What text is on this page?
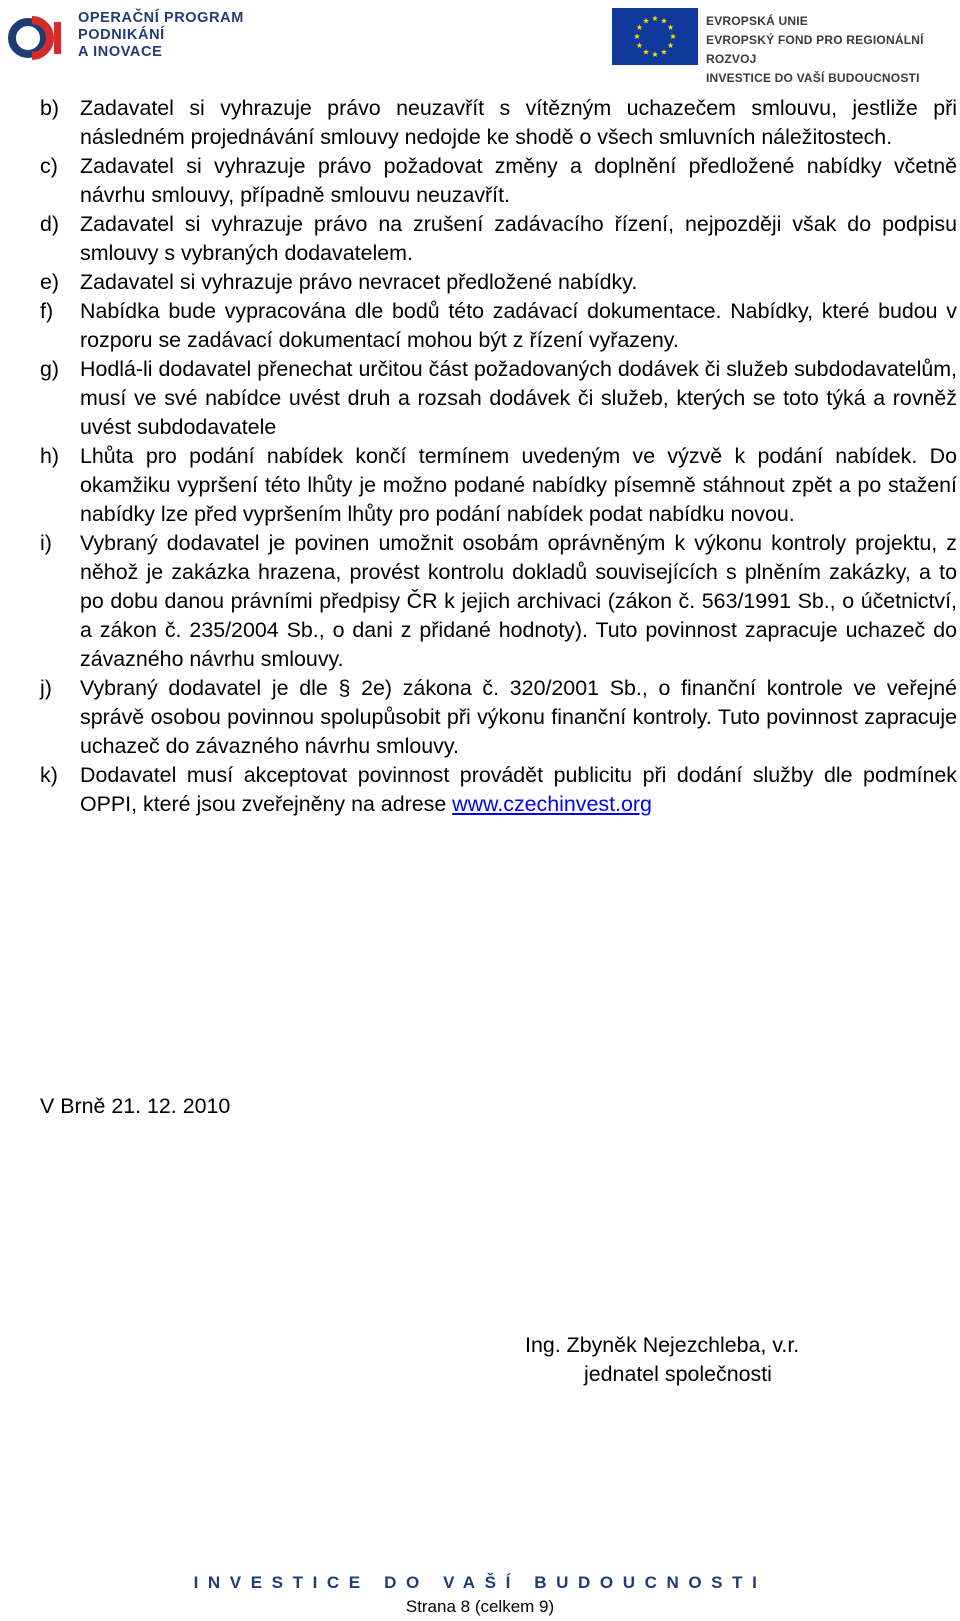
OPERAČNÍ PROGRAM
PODNIKÁNÍ
A INOVACE
EVROPSKÁ UNIE
EVROPSKÝ FOND PRO REGIONÁLNÍ ROZVOJ
INVESTICE DO VAŠÍ BUDOUCNOSTI
b) Zadavatel si vyhrazuje právo neuzavřít s vítězným uchazečem smlouvu, jestliže při následném projednávání smlouvy nedojde ke shodě o všech smluvních náležitostech.
c)	Zadavatel si vyhrazuje právo požadovat změny a doplnění předložené nabídky včetně návrhu smlouvy, případně smlouvu neuzavřít.
d) Zadavatel si vyhrazuje právo na zrušení zadávacího řízení, nejpozději však do podpisu smlouvy s vybraných dodavatelem.
e) Zadavatel si vyhrazuje právo nevracet předložené nabídky.
f)	Nabídka bude vypracována dle bodů této zadávací dokumentace. Nabídky, které budou v rozporu se zadávací dokumentací mohou být z řízení vyřazeny.
g) Hodlá-li dodavatel přenechat určitou část požadovaných dodávek či služeb subdodavatelům, musí ve své nabídce uvést druh a rozsah dodávek či služeb, kterých se toto týká a rovněž uvést subdodavatele
h) Lhůta pro podání nabídek končí termínem uvedeným ve výzvě k podání nabídek. Do okamžiku vypršení této lhůty je možno podané nabídky písemně stáhnout zpět a po stažení nabídky lze před vypršením lhůty pro podání nabídek podat nabídku novou.
i)	Vybraný dodavatel je povinen umožnit osobám oprávněným k výkonu kontroly projektu, z něhož je zakázka hrazena, provést kontrolu dokladů souvisejících s plněním zakázky, a to po dobu danou právními předpisy ČR k jejich archivaci (zákon č. 563/1991 Sb., o účetnictví, a zákon č. 235/2004 Sb., o dani z přidané hodnoty). Tuto povinnost zapracuje uchazeč do závazného návrhu smlouvy.
j)	Vybraný dodavatel je dle § 2e) zákona č. 320/2001 Sb., o finanční kontrole ve veřejné správě osobou povinnou spolupůsobit při výkonu finanční kontroly. Tuto povinnost zapracuje uchazeč do závazného návrhu smlouvy.
k)	Dodavatel musí akceptovat povinnost provádět publicitu při dodání služby dle podmínek OPPI, které jsou zveřejněny na adrese www.czechinvest.org
V Brně 21. 12. 2010
Ing. Zbyněk Nejezchleba, v.r.
jednatel společnosti
INVESTICE DO VAŠÍ BUDOUCNOSTI
Strana 8 (celkem 9)
